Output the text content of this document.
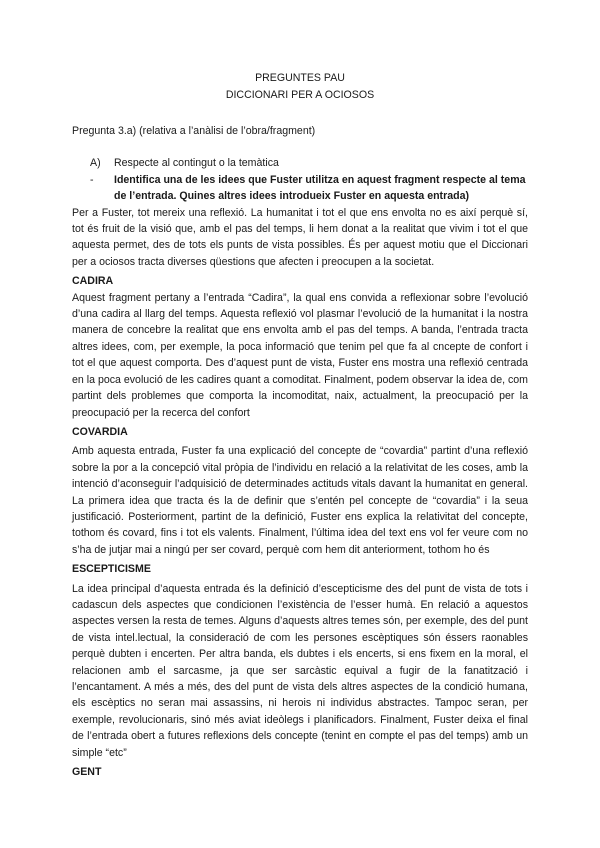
PREGUNTES PAU
DICCIONARI PER A OCIOSOS
Pregunta 3.a) (relativa a l’anàlisi de l’obra/fragment)
A)	Respecte al contingut o la temàtica
-	Identifica una de les idees que Fuster utilitza en aquest fragment respecte al tema de l’entrada. Quines altres idees introdueix Fuster en aquesta entrada)

Per a Fuster, tot mereix una reflexió. La humanitat i tot el que ens envolta no es així perquè sí, tot és fruit de la visió que, amb el pas del temps, li hem donat a la realitat que vivim i tot el que aquesta permet, des de tots els punts de vista possibles. És per aquest motiu que el Diccionari per a ociosos tracta diverses qüestions que afecten i preocupen a la societat.

CADIRA

Aquest fragment pertany a l’entrada “Cadira”, la qual ens convida a reflexionar sobre l’evolució d’una cadira al llarg del temps. Aquesta reflexió vol plasmar l’evolució de la humanitat i la nostra manera de concebre la realitat que ens envolta amb el pas del temps. A banda, l’entrada tracta altres idees, com, per exemple, la poca informació que tenim pel que fa al cncepte de confort i tot el que aquest comporta. Des d’aquest punt de vista, Fuster ens mostra una reflexió centrada en la poca evolució de les cadires quant a comoditat. Finalment, podem observar la idea de, com partint dels problemes que comporta la incomoditat, naix, actualment, la preocupació per la preocupació per la recerca del confort

COVARDIA

Amb aquesta entrada, Fuster fa una explicació del concepte de “covardia” partint d’una reflexió sobre la por a la concepció vital pròpia de l’individu en relació a la relativitat de les coses, amb la intenció d’aconseguir l’adquisició de determinades actituds vitals davant la humanitat en general. La primera idea que tracta és la de definir que s’entén pel concepte de “covardia” i la seua justificació. Posteriorment, partint de la definició, Fuster ens explica la relativitat del concepte, tothom és covard, fins i tot els valents. Finalment, l’última idea del text ens vol fer veure com no s’ha de jutjar mai a ningú per ser covard, perquè com hem dit anteriorment, tothom ho és

ESCEPTICISME

La idea principal d’aquesta entrada és la definició d’escepticisme des del punt de vista de tots i cadascun dels aspectes que condicionen l’existència de l’esser humà. En relació a aquestos aspectes versen la resta de temes. Alguns d’aquests altres temes són, per exemple, des del punt de vista intel.lectual, la consideració de com les persones escèptiques són éssers raonables perquè dubten i encerten. Per altra banda, els dubtes i els encerts, si ens fixem en la moral, el relacionen amb el sarcasme, ja que ser sarcàstic equival a fugir de la fanatització i l’encantament. A més a més, des del punt de vista dels altres aspectes de la condició humana, els escèptics no seran mai assassins, ni herois ni individus abstractes. Tampoc seran, per exemple, revolucionaris, sinó més aviat ideòlegs i planificadors. Finalment, Fuster deixa el final de l’entrada obert a futures reflexions dels concepte (tenint en compte el pas del temps) amb un simple “etc”

GENT
